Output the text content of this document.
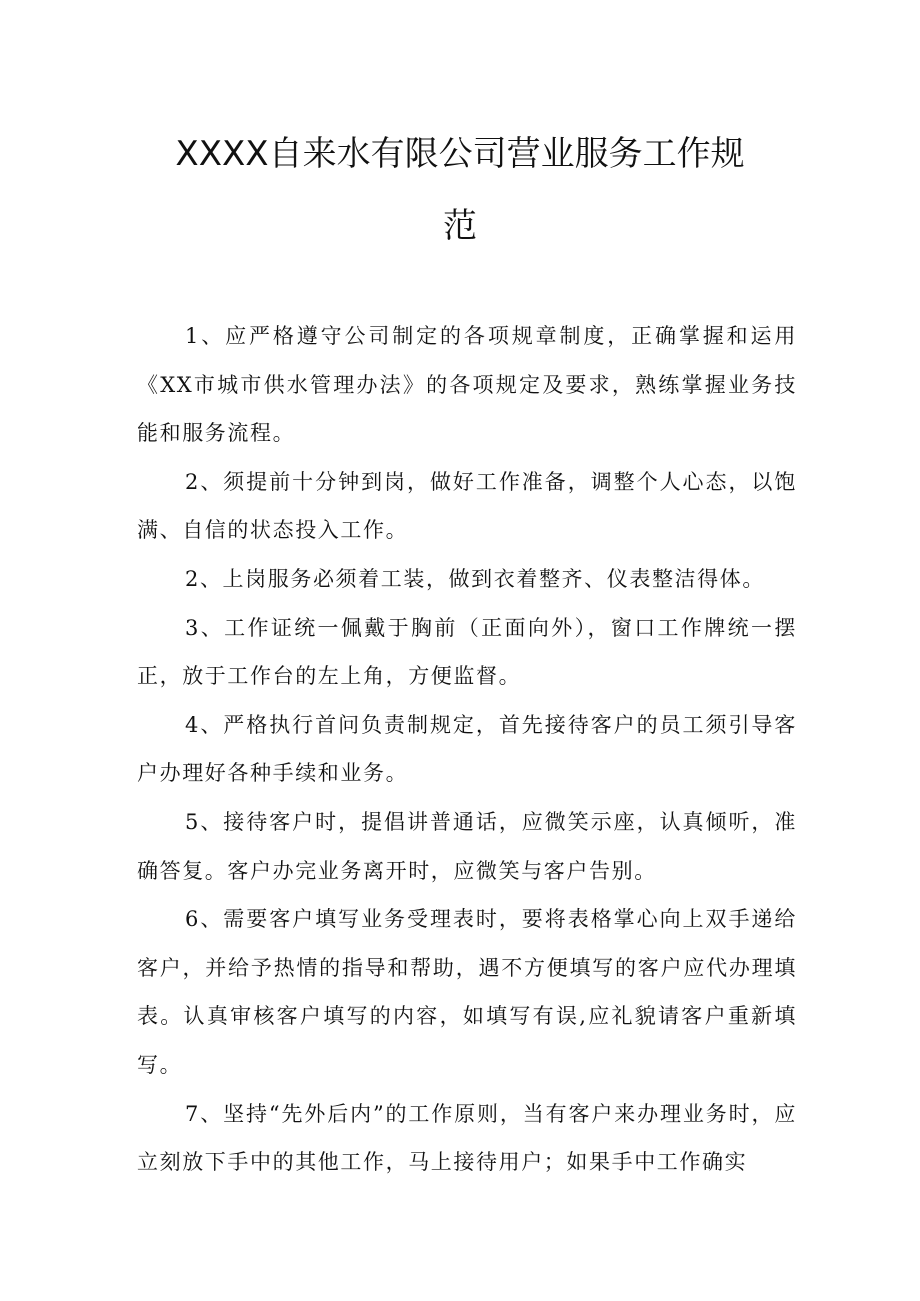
XXXX自来水有限公司营业服务工作规
范

1、应严格遵守公司制定的各项规章制度，正确掌握和运用《XX市城市供水管理办法》的各项规定及要求，熟练掌握业务技能和服务流程。

2、须提前十分钟到岗，做好工作准备，调整个人心态，以饱满、自信的状态投入工作。

2、上岗服务必须着工装，做到衣着整齐、仪表整洁得体。

3、工作证统一佩戴于胸前（正面向外），窗口工作牌统一摆正，放于工作台的左上角，方便监督。

4、严格执行首问负责制规定，首先接待客户的员工须引导客户办理好各种手续和业务。

5、接待客户时，提倡讲普通话，应微笑示座，认真倾听，准确答复。客户办完业务离开时，应微笑与客户告别。

6、需要客户填写业务受理表时，要将表格掌心向上双手递给客户，并给予热情的指导和帮助，遇不方便填写的客户应代办理填表。认真审核客户填写的内容，如填写有误,应礼貌请客户重新填写。

7、坚持“先外后内”的工作原则，当有客户来办理业务时，应立刻放下手中的其他工作，马上接待用户；如果手中工作确实
